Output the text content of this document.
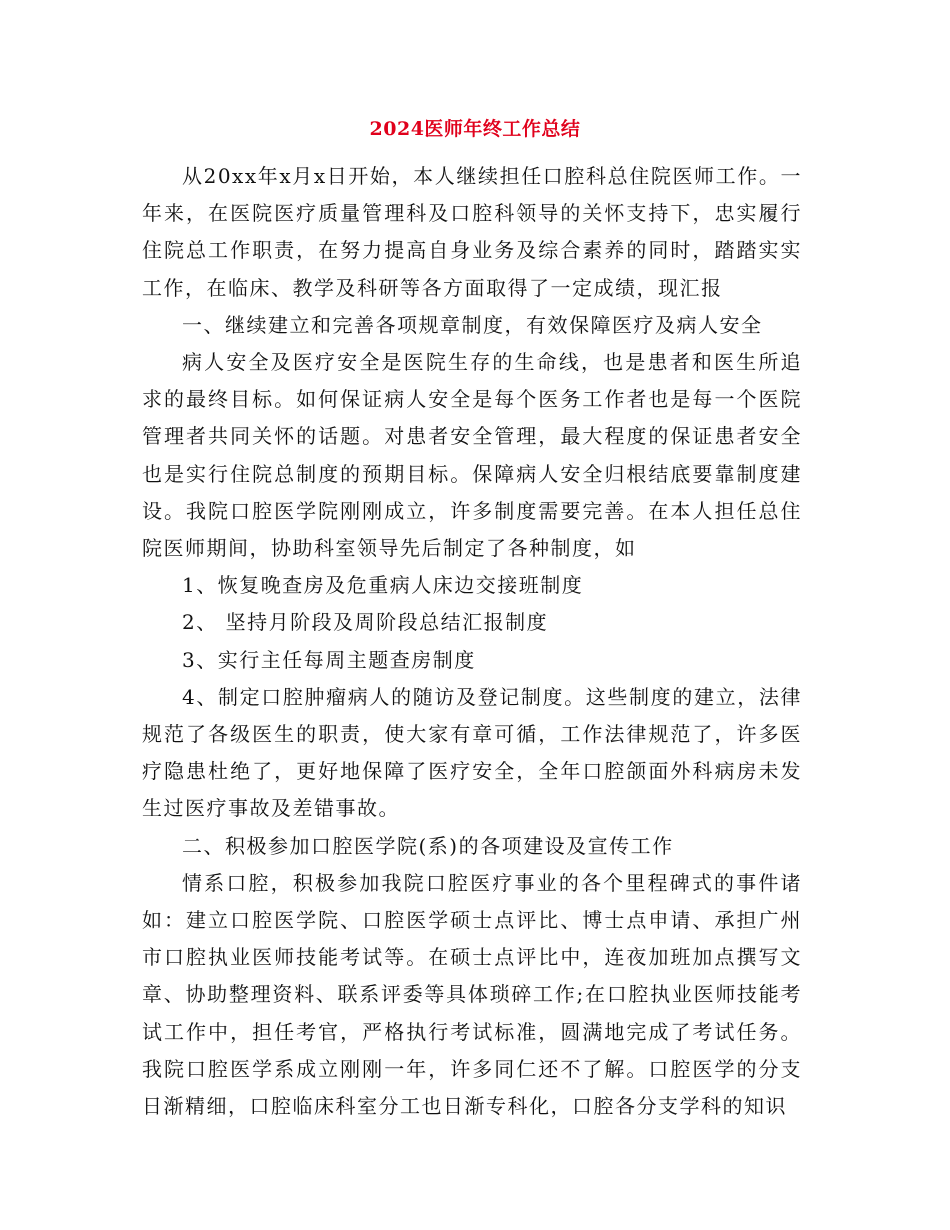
2024医师年终工作总结

从20xx年x月x日开始，本人继续担任口腔科总住院医师工作。一年来，在医院医疗质量管理科及口腔科领导的关怀支持下，忠实履行住院总工作职责，在努力提高自身业务及综合素养的同时，踏踏实实工作，在临床、教学及科研等各方面取得了一定成绩，现汇报

一、继续建立和完善各项规章制度，有效保障医疗及病人安全

病人安全及医疗安全是医院生存的生命线，也是患者和医生所追求的最终目标。如何保证病人安全是每个医务工作者也是每一个医院管理者共同关怀的话题。对患者安全管理，最大程度的保证患者安全也是实行住院总制度的预期目标。保障病人安全归根结底要靠制度建设。我院口腔医学院刚刚成立，许多制度需要完善。在本人担任总住院医师期间，协助科室领导先后制定了各种制度，如

1、恢复晚查房及危重病人床边交接班制度

2、 坚持月阶段及周阶段总结汇报制度

3、实行主任每周主题查房制度

4、制定口腔肿瘤病人的随访及登记制度。这些制度的建立，法律规范了各级医生的职责，使大家有章可循，工作法律规范了，许多医疗隐患杜绝了，更好地保障了医疗安全，全年口腔颌面外科病房未发生过医疗事故及差错事故。

二、积极参加口腔医学院(系)的各项建设及宣传工作

情系口腔，积极参加我院口腔医疗事业的各个里程碑式的事件诸如：建立口腔医学院、口腔医学硕士点评比、博士点申请、承担广州市口腔执业医师技能考试等。在硕士点评比中，连夜加班加点撰写文章、协助整理资料、联系评委等具体琐碎工作;在口腔执业医师技能考试工作中，担任考官，严格执行考试标准，圆满地完成了考试任务。我院口腔医学系成立刚刚一年，许多同仁还不了解。口腔医学的分支日渐精细，口腔临床科室分工也日渐专科化，口腔各分支学科的知识
